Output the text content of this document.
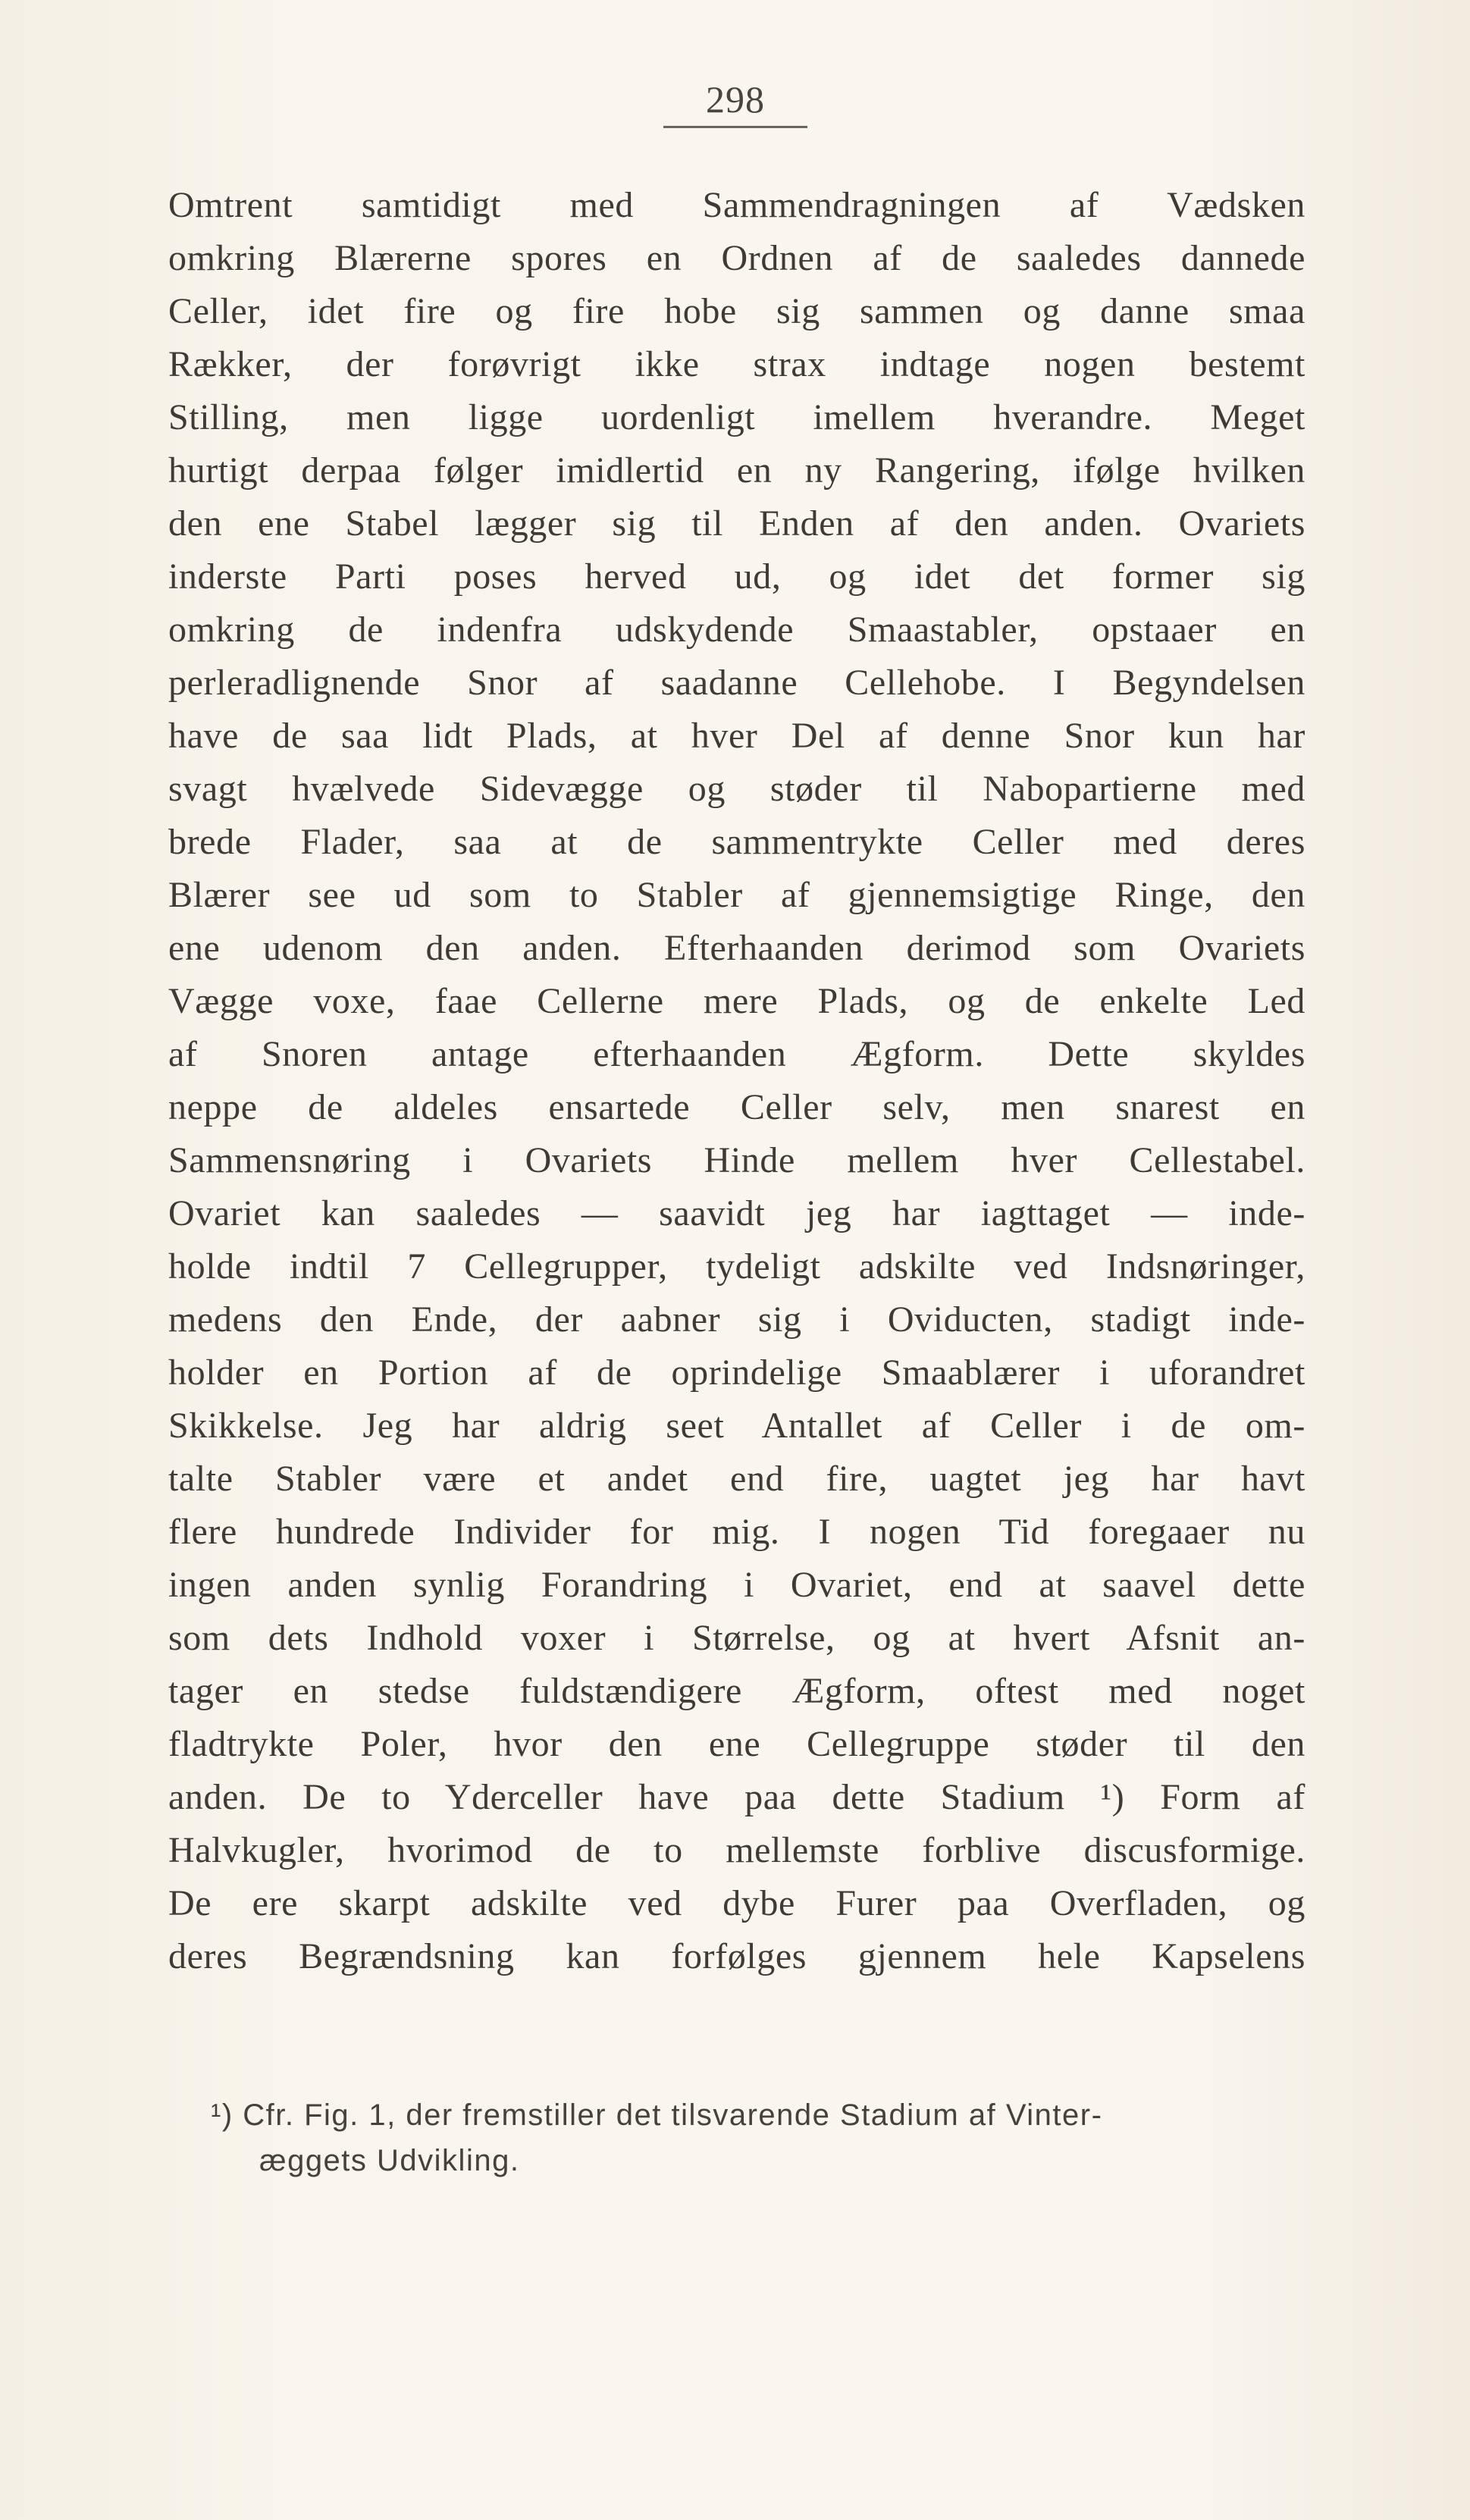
298
Omtrent samtidigt med Sammendragningen af Vædsken
omkring Blærerne spores en Ordnen af de saaledes dannede
Celler, idet fire og fire hobe sig sammen og danne smaa
Rækker, der forøvrigt ikke strax indtage nogen bestemt
Stilling, men ligge uordenligt imellem hverandre. Meget
hurtigt derpaa følger imidlertid en ny Rangering, ifølge hvilken
den ene Stabel lægger sig til Enden af den anden. Ovariets
inderste Parti poses herved ud, og idet det former sig
omkring de indenfra udskydende Smaastabler, opstaaer en
perleradlignende Snor af saadanne Cellehobe. I Begyndelsen
have de saa lidt Plads, at hver Del af denne Snor kun har
svagt hvælvede Sidevægge og støder til Nabopartierne med
brede Flader, saa at de sammentrykte Celler med deres
Blærer see ud som to Stabler af gjennemsigtige Ringe, den
ene udenom den anden. Efterhaanden derimod som Ovariets
Vægge voxe, faae Cellerne mere Plads, og de enkelte Led
af Snoren antage efterhaanden Ægform. Dette skyldes
neppe de aldeles ensartede Celler selv, men snarest en
Sammensnøring i Ovariets Hinde mellem hver Cellestabel.
Ovariet kan saaledes — saavidt jeg har iagttaget — inde-
holde indtil 7 Cellegrupper, tydeligt adskilte ved Indsnøringer,
medens den Ende, der aabner sig i Oviducten, stadigt inde-
holder en Portion af de oprindelige Smaablærer i uforandret
Skikkelse. Jeg har aldrig seet Antallet af Celler i de om-
talte Stabler være et andet end fire, uagtet jeg har havt
flere hundrede Individer for mig. I nogen Tid foregaaer nu
ingen anden synlig Forandring i Ovariet, end at saavel dette
som dets Indhold voxer i Størrelse, og at hvert Afsnit an-
tager en stedse fuldstændigere Ægform, oftest med noget
fladtrykte Poler, hvor den ene Cellegruppe støder til den
anden. De to Yderceller have paa dette Stadium ¹) Form af
Halvkugler, hvorimod de to mellemste forblive discusformige.
De ere skarpt adskilte ved dybe Furer paa Overfladen, og
deres Begrændsning kan forfølges gjennem hele Kapselens
¹) Cfr. Fig. 1, der fremstiller det tilsvarende Stadium af Vinter-
æggets Udvikling.
